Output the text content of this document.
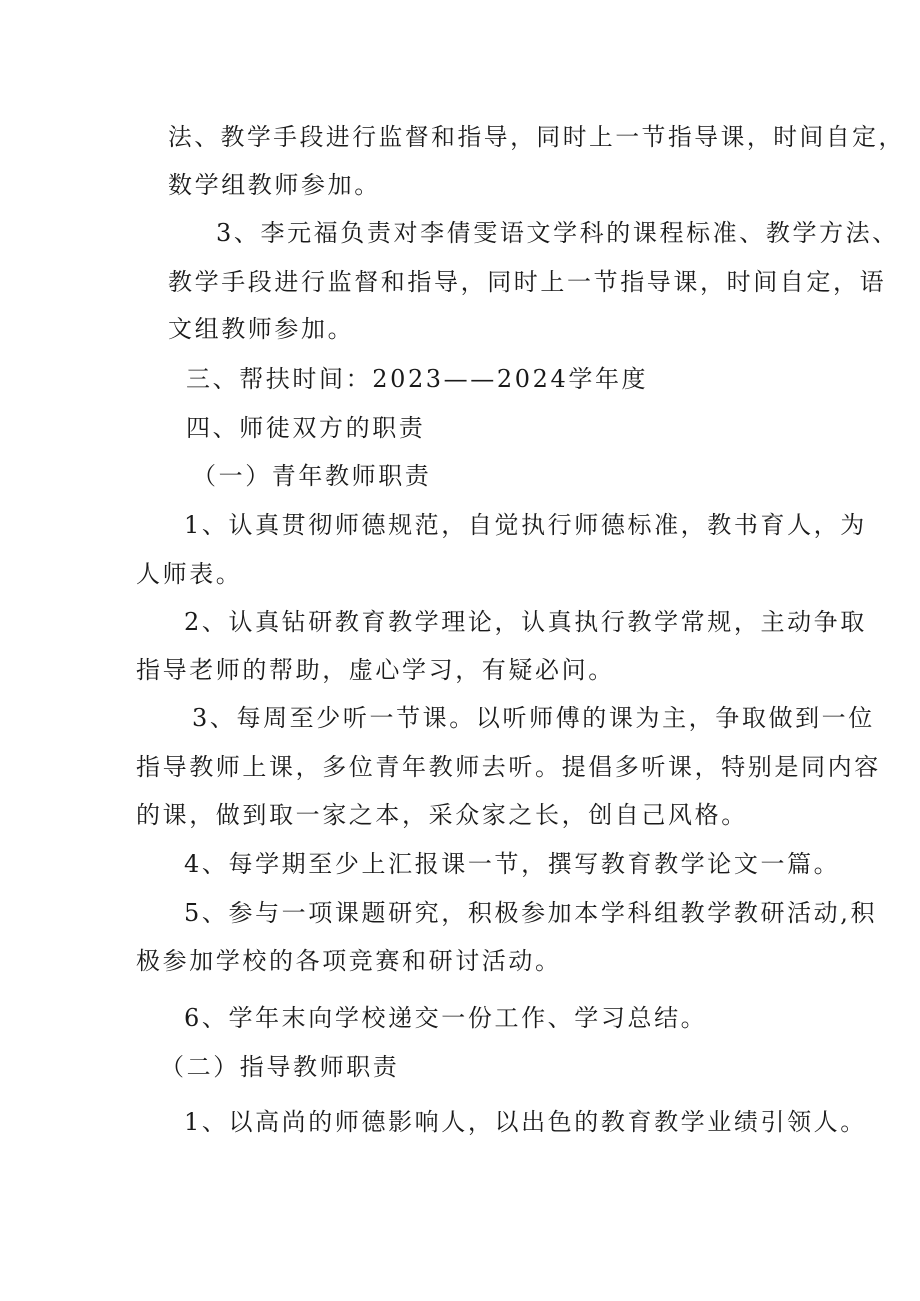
法、教学手段进行监督和指导，同时上一节指导课，时间自定，
数学组教师参加。
3、李元福负责对李倩雯语文学科的课程标准、教学方法、
教学手段进行监督和指导，同时上一节指导课，时间自定，语
文组教师参加。
三、帮扶时间：2023——2024学年度
四、师徒双方的职责
（一）青年教师职责
1、认真贯彻师德规范，自觉执行师德标准，教书育人，为
人师表。
2、认真钻研教育教学理论，认真执行教学常规，主动争取
指导老师的帮助，虚心学习，有疑必问。
3、每周至少听一节课。以听师傅的课为主，争取做到一位
指导教师上课，多位青年教师去听。提倡多听课，特别是同内容
的课，做到取一家之本，采众家之长，创自己风格。
4、每学期至少上汇报课一节，撰写教育教学论文一篇。
5、参与一项课题研究，积极参加本学科组教学教研活动,积
极参加学校的各项竞赛和研讨活动。
6、学年末向学校递交一份工作、学习总结。
（二）指导教师职责
1、以高尚的师德影响人，以出色的教育教学业绩引领人。
